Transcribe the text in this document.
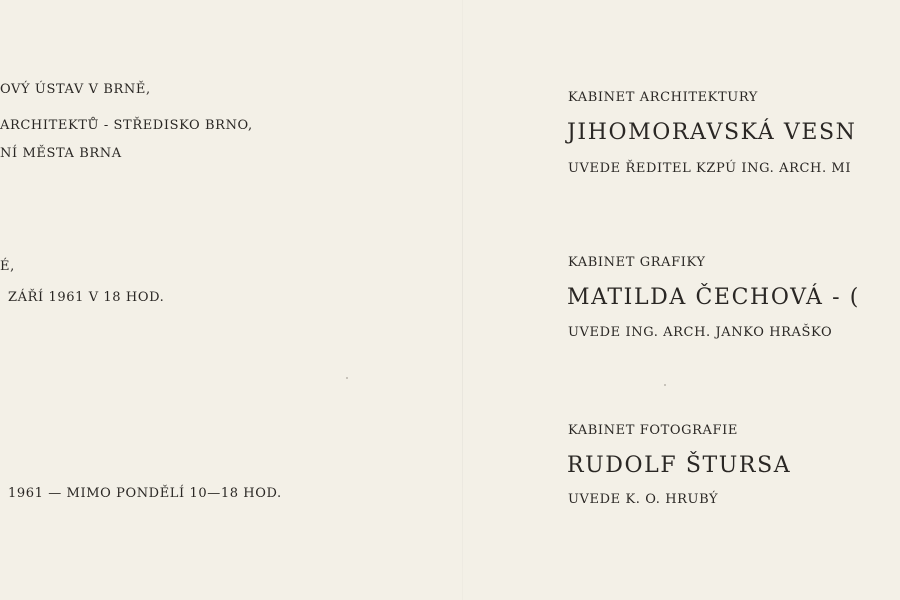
OVÝ ÚSTAV V BRNĚ,
ARCHITEKTŮ - STŘEDISKO BRNO,
NÍ MĚSTA BRNA
É,
ZÁŘÍ 1961 V 18 HOD.
1961 — MIMO PONDĚLÍ 10—18 HOD.
KABINET ARCHITEKTURY
JIHOMORAVSKÁ VESN
UVEDE ŘEDITEL KZPÚ ING. ARCH. MI
KABINET GRAFIKY
MATILDA ČECHOVÁ - (
UVEDE ING. ARCH. JANKO HRAŠKO
KABINET FOTOGRAFIE
RUDOLF ŠTURSA
UVEDE K. O. HRUBÝ
